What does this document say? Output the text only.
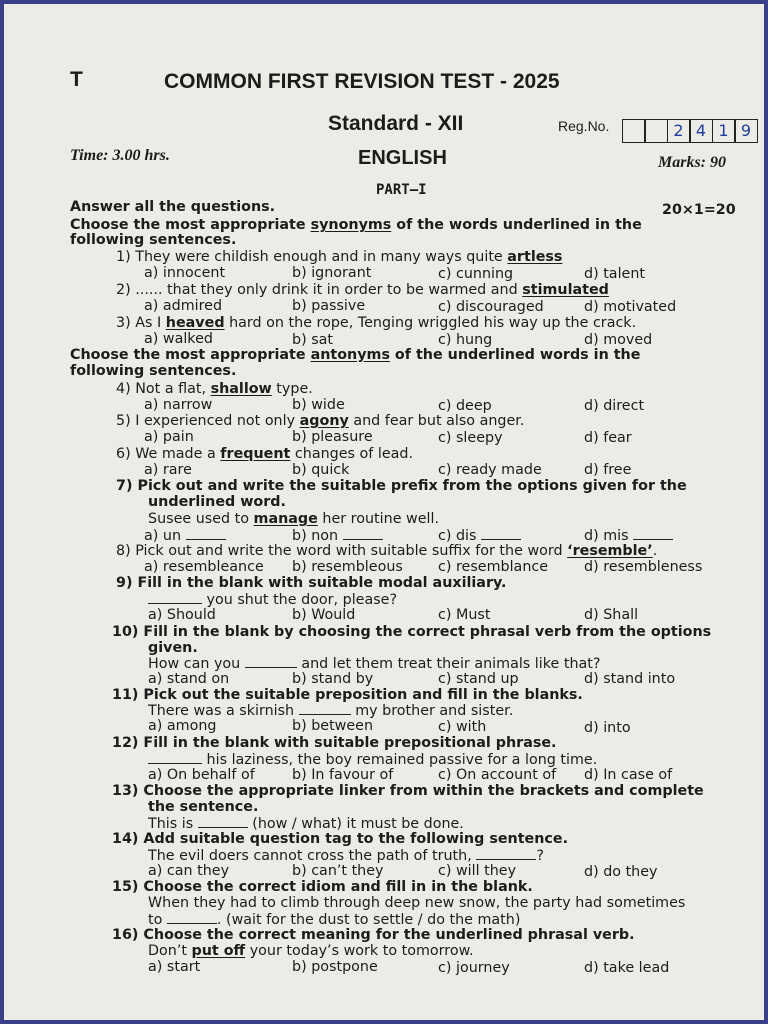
T	COMMON FIRST REVISION TEST - 2025
Standard - XII	Reg.No.	2 4 1 9
Time: 3.00 hrs.	ENGLISH	Marks: 90
PART–I
Answer all the questions.	20×1=20
Choose the most appropriate synonyms of the words underlined in the
following sentences.
1) They were childish enough and in many ways quite artless
a) innocent	b) ignorant	c) cunning	d) talent
2) ...... that they only drink it in order to be warmed and stimulated
a) admired	b) passive	c) discouraged	d) motivated
3) As I heaved hard on the rope, Tenging wriggled his way up the crack.
a) walked	b) sat	c) hung	d) moved
Choose the most appropriate antonyms of the underlined words in the
following sentences.
4) Not a flat, shallow type.
a) narrow	b) wide	c) deep	d) direct
5) I experienced not only agony and fear but also anger.
a) pain	b) pleasure	c) sleepy	d) fear
6) We made a frequent changes of lead.
a) rare	b) quick	c) ready made	d) free
7) Pick out and write the suitable prefix from the options given for the
underlined word.
Susee used to manage her routine well.
a) un	b) non	c) dis	d) mis
8) Pick out and write the word with suitable suffix for the word ‘resemble’.
a) resembleance b) resembleous c) resemblance	d) resembleness
9) Fill in the blank with suitable modal auxiliary.
you shut the door, please?
a) Should	b) Would	c) Must	d) Shall
10) Fill in the blank by choosing the correct phrasal verb from the options
given.
How can you	and let them treat their animals like that?
a) stand on	b) stand by	c) stand up	d) stand into
11) Pick out the suitable preposition and fill in the blanks.
There was a skirnish	my brother and sister.
a) among	b) between	c) with	d) into
12) Fill in the blank with suitable prepositional phrase.
his laziness, the boy remained passive for a long time.
a) On behalf of	b) In favour of	c) On account of d) In case of
13) Choose the appropriate linker from within the brackets and complete
the sentence.
This is	(how / what) it must be done.
14) Add suitable question tag to the following sentence.
The evil doers cannot cross the path of truth,	?
a) can they	b) can’t they	c) will they	d) do they
15) Choose the correct idiom and fill in in the blank.
When they had to climb through deep new snow, the party had sometimes
to	. (wait for the dust to settle / do the math)
16) Choose the correct meaning for the underlined phrasal verb.
Don’t put off your today’s work to tomorrow.
a) start	b) postpone	c) journey	d) take lead
